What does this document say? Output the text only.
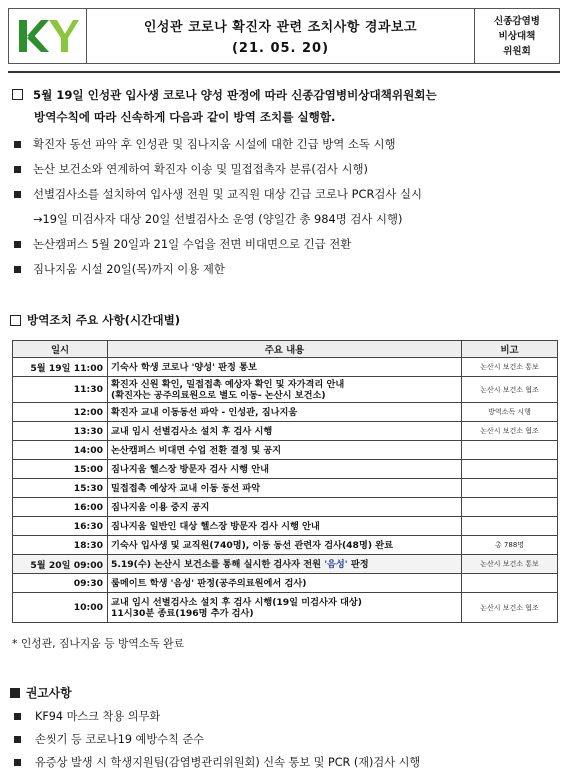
인성관 코로나 확진자 관련 조치사항 경과보고
(21. 05. 20)
신종감염병
비상대책
위원회
5월 19일 인성관 입사생 코로나 양성 판정에 따라 신종감염병비상대책위원회는
방역수칙에 따라 신속하게 다음과 같이 방역 조치를 실행함.
확진자 동선 파악 후 인성관 및 짐나지움 시설에 대한 긴급 방역 소독 시행
논산 보건소와 연계하여 확진자 이송 및 밀접접촉자 분류(검사 시행)
선별검사소를 설치하여 입사생 전원 및 교직원 대상 긴급 코로나 PCR검사 실시
→19일 미검사자 대상 20일 선별검사소 운영 (양일간 총 984명 검사 시행)
논산캠퍼스 5월 20일과 21일 수업을 전면 비대면으로 긴급 전환
짐나지움 시설 20일(목)까지 이용 제한
방역조치 주요 사항(시간대별)
일시	주요 내용	비고
5월 19일 11:00	기숙사 학생 코로나 '양성' 판정 통보	논산시 보건소 통보
11:30	확진자 신원 확인, 밀접접촉 예상자 확인 및 자가격리 안내
(확진자는 공주의료원으로 별도 이동- 논산시 보건소)	논산시 보건소 협조
12:00	확진자 교내 이동동선 파악 - 인성관, 짐나지움	방역소독 시행
13:30	교내 임시 선별검사소 설치 후 검사 시행	논산시 보건소 협조
14:00	논산캠퍼스 비대면 수업 전환 결정 및 공지	
15:00	짐나지움 헬스장 방문자 검사 시행 안내	
15:30	밀접접촉 예상자 교내 이동 동선 파악	
16:00	짐나지움 이용 중지 공지	
16:30	짐나지움 일반인 대상 헬스장 방문자 검사 시행 안내	
18:30	기숙사 입사생 및 교직원(740명), 이동 동선 관련자 검사(48명) 완료	총 788명
5월 20일 09:00	5.19(수) 논산시 보건소를 통해 실시한 검사자 전원 '음성' 판정	논산시 보건소 통보
09:30	룸메이트 학생 '음성' 판정(공주의료원에서 검사)	
10:00	교내 임시 선별검사소 설치 후 검사 시행(19일 미검사자 대상)
11시30분 종료(196명 추가 검사)	논산시 보건소 협조
* 인성관, 짐나지움 등 방역소독 완료
권고사항
KF94 마스크 착용 의무화
손씻기 등 코로나19 예방수칙 준수
유증상 발생 시 학생지원팀(감염병관리위원회) 신속 통보 및 PCR (재)검사 시행
